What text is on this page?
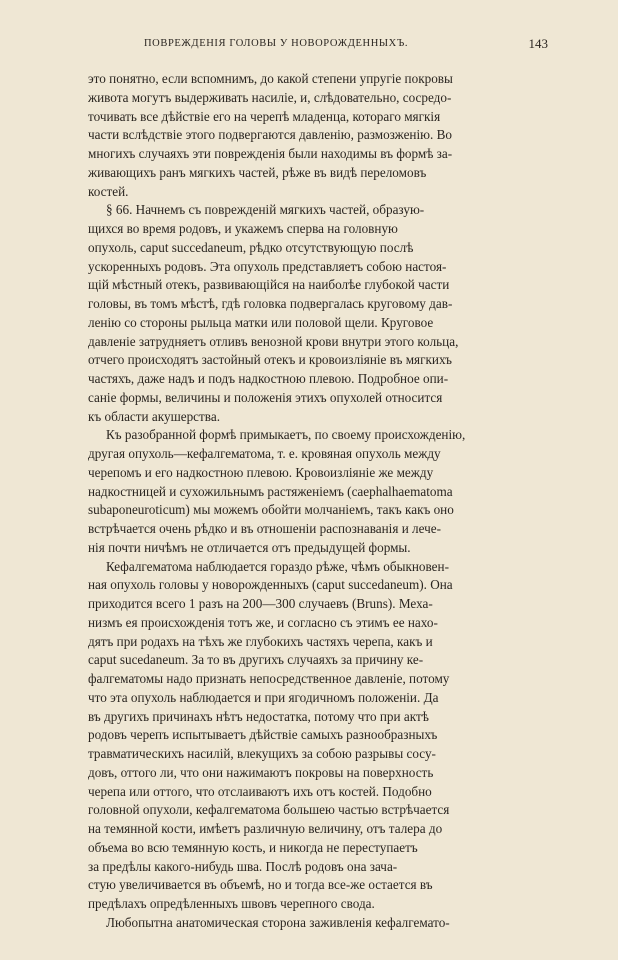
ПОВРЕЖДЕНІЯ ГОЛОВЫ У НОВОРОЖДЕННЫХЪ.	143
это понятно, если вспомнимъ, до какой степени упругіе покровы
живота могутъ выдерживать насиліе, и, слѣдовательно, сосредо-
точивать все дѣйствіе его на черепѣ младенца, котораго мягкія
части вслѣдствіе этого подвергаются давленію, размозженію. Во
многихъ случаяхъ эти поврежденія были находимы въ формѣ за-
живающихъ ранъ мягкихъ частей, рѣже въ видѣ переломовъ
костей.
§ 66. Начнемъ съ поврежденій мягкихъ частей, образую-
щихся во время родовъ, и укажемъ сперва на головную
опухоль, caput succedaneum, рѣдко отсутствующую послѣ
ускоренныхъ родовъ. Эта опухоль представляетъ собою настоя-
щій мѣстный отекъ, развивающійся на наиболѣе глубокой части
головы, въ томъ мѣстѣ, гдѣ головка подвергалась круговому дав-
ленію со стороны рыльца матки или половой щели. Круговое
давленіе затрудняетъ отливъ венозной крови внутри этого кольца,
отчего происходятъ застойный отекъ и кровоизліяніе въ мягкихъ
частяхъ, даже надъ и подъ надкостною плевою. Подробное опи-
саніе формы, величины и положенія этихъ опухолей относится
къ области акушерства.
Къ разобранной формѣ примыкаетъ, по своему происхожденію,
другая опухоль—кефалгематома, т. е. кровяная опухоль между
черепомъ и его надкостною плевою. Кровоизліяніе же между
надкостницей и сухожильнымъ растяженіемъ (caephalhaematoma
subaponeuroticum) мы можемъ обойти молчаніемъ, такъ какъ оно
встрѣчается очень рѣдко и въ отношеніи распознаванія и лече-
нія почти ничѣмъ не отличается отъ предыдущей формы.
Кефалгематома наблюдается гораздо рѣже, чѣмъ обыкновен-
ная опухоль головы у новорожденныхъ (caput succedaneum). Она
приходится всего 1 разъ на 200—300 случаевъ (Bruns). Меха-
низмъ ея происхожденія тотъ же, и согласно съ этимъ ее нахо-
дятъ при родахъ на тѣхъ же глубокихъ частяхъ черепа, какъ и
caput sucedaneum. За то въ другихъ случаяхъ за причину ке-
фалгематомы надо признать непосредственное давленіе, потому
что эта опухоль наблюдается и при ягодичномъ положеніи. Да
въ другихъ причинахъ нѣтъ недостатка, потому что при актѣ
родовъ черепъ испытываетъ дѣйствіе самыхъ разнообразныхъ
травматическихъ насилій, влекущихъ за собою разрывы сосу-
довъ, оттого ли, что они нажимаютъ покровы на поверхность
черепа или оттого, что отслаиваютъ ихъ отъ костей. Подобно
головной опухоли, кефалгематома большею частью встрѣчается
на темянной кости, имѣетъ различную величину, отъ талера до
объема во всю темянную кость, и никогда не переступаетъ
за предѣлы какого-нибудь шва. Послѣ родовъ она зача-
стую увеличивается въ объемѣ, но и тогда все-же остается въ
предѣлахъ опредѣленныхъ швовъ черепного свода.
Любопытна анатомическая сторона заживленія кефалгемато-
